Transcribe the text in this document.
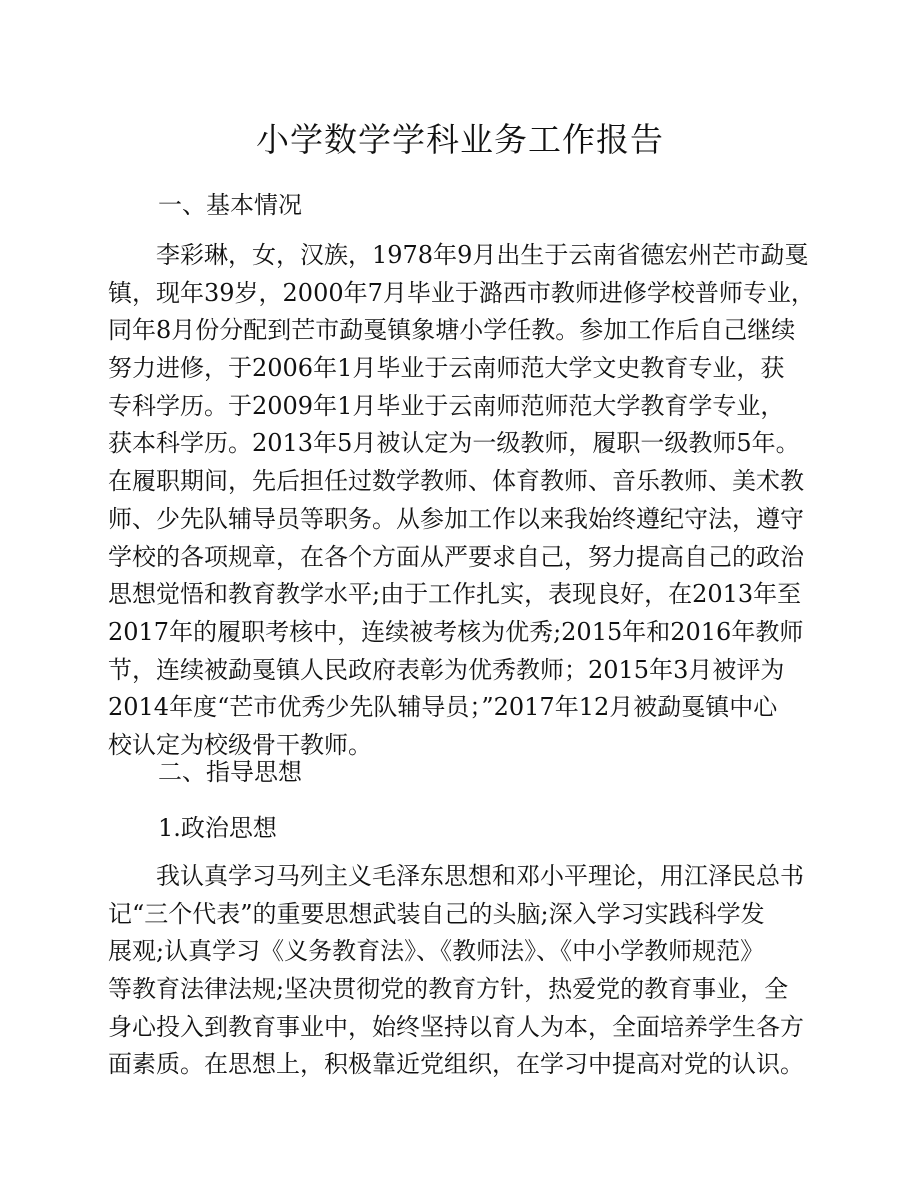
小学数学学科业务工作报告

一、基本情况

　　李彩琳，女，汉族，1978年9月出生于云南省德宏州芒市勐戛
镇，现年39岁，2000年7月毕业于潞西市教师进修学校普师专业，
同年8月份分配到芒市勐戛镇象塘小学任教。参加工作后自己继续
努力进修，于2006年1月毕业于云南师范大学文史教育专业，获
专科学历。于2009年1月毕业于云南师范师范大学教育学专业，
获本科学历。2013年5月被认定为一级教师，履职一级教师5年。
在履职期间，先后担任过数学教师、体育教师、音乐教师、美术教
师、少先队辅导员等职务。从参加工作以来我始终遵纪守法，遵守
学校的各项规章，在各个方面从严要求自己，努力提高自己的政治
思想觉悟和教育教学水平;由于工作扎实，表现良好，在2013年至
2017年的履职考核中，连续被考核为优秀;2015年和2016年教师
节，连续被勐戛镇人民政府表彰为优秀教师；2015年3月被评为
2014年度“芒市优秀少先队辅导员；”2017年12月被勐戛镇中心
校认定为校级骨干教师。

二、指导思想

1.政治思想

　　我认真学习马列主义毛泽东思想和邓小平理论，用江泽民总书
记“三个代表”的重要思想武装自己的头脑;深入学习实践科学发
展观;认真学习《义务教育法》、《教师法》、《中小学教师规范》
等教育法律法规;坚决贯彻党的教育方针，热爱党的教育事业，全
身心投入到教育事业中，始终坚持以育人为本，全面培养学生各方
面素质。在思想上，积极靠近党组织，在学习中提高对党的认识。
